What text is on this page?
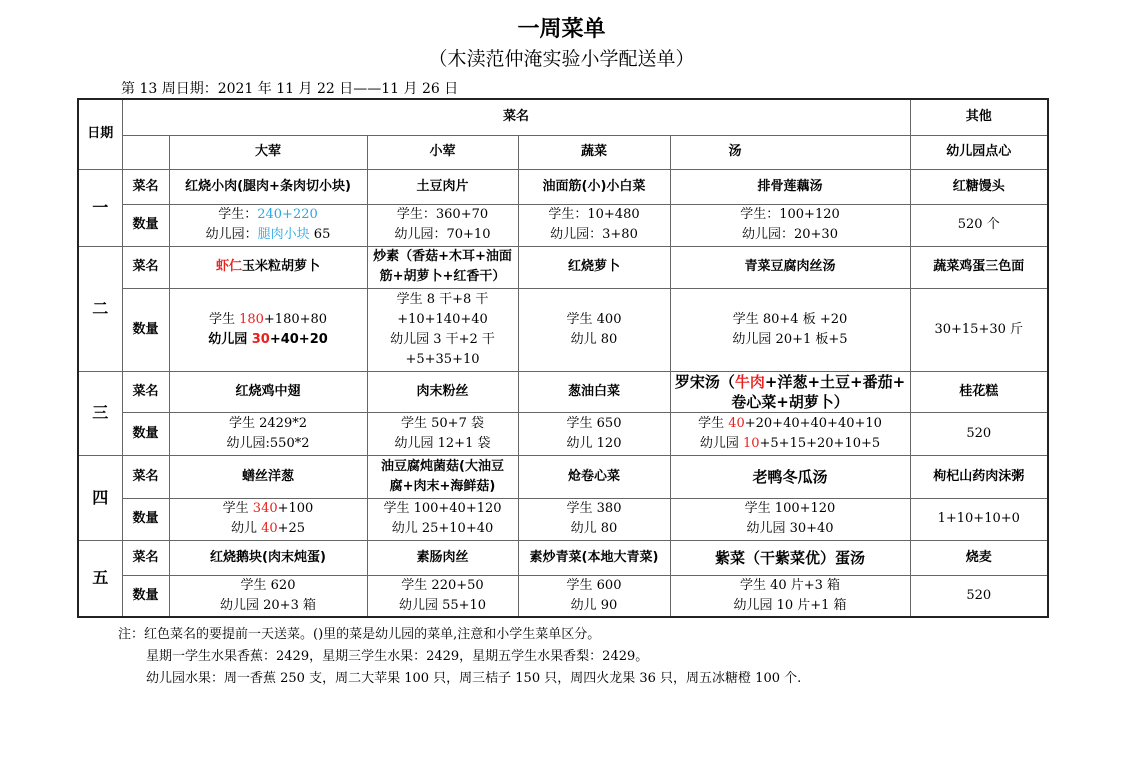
一周菜单
（木渎范仲淹实验小学配送单）
第 13 周日期：2021 年 11 月 22 日——11 月 26 日
日期	菜名					其他
		大荤	小荤	蔬菜	汤	幼儿园点心
一	菜名	红烧小肉(腿肉+条肉切小块)	土豆肉片	油面筋(小)小白菜	排骨莲藕汤	红糖馒头
	数量	学生：240+220
幼儿园：腿肉小块 65	学生：360+70
幼儿园：70+10	学生：10+480
幼儿园：3+80	学生：100+120
幼儿园：20+30	520 个
二	菜名	虾仁玉米粒胡萝卜	炒素（香菇+木耳+油面
筋+胡萝卜+红香干）	红烧萝卜	青菜豆腐肉丝汤	蔬菜鸡蛋三色面
	数量	学生 180+180+80
幼儿园 30+40+20	学生 8 干+8 干
+10+140+40
幼儿园 3 干+2 干
+5+35+10	学生 400
幼儿 80	学生 80+4 板 +20
幼儿园 20+1 板+5	30+15+30 斤
三	菜名	红烧鸡中翅	肉末粉丝	葱油白菜	罗宋汤（牛肉+洋葱+土豆+番茄+
卷心菜+胡萝卜）	桂花糕
	数量	学生 2429*2
幼儿园:550*2	学生 50+7 袋
幼儿园 12+1 袋	学生 650
幼儿 120	学生 40+20+40+40+40+10
幼儿园 10+5+15+20+10+5	520
四	菜名	蟮丝洋葱	油豆腐炖菌菇(大油豆
腐+肉末+海鲜菇)	炝卷心菜	老鸭冬瓜汤	枸杞山药肉沫粥
	数量	学生 340+100
幼儿 40+25	学生 100+40+120
幼儿 25+10+40	学生 380
幼儿 80	学生 100+120
幼儿园 30+40	1+10+10+0
五	菜名	红烧鹅块(肉末炖蛋)	素肠肉丝	素炒青菜(本地大青菜)	紫菜（干紫菜优）蛋汤	烧麦
	数量	学生 620
幼儿园 20+3 箱	学生 220+50
幼儿园 55+10	学生 600
幼儿 90	学生 40 片+3 箱
幼儿园 10 片+1 箱	520
注：红色菜名的要提前一天送菜。()里的菜是幼儿园的菜单,注意和小学生菜单区分。
星期一学生水果香蕉：2429，星期三学生水果：2429，星期五学生水果香梨：2429。
幼儿园水果：周一香蕉 250 支，周二大苹果 100 只，周三桔子 150 只，周四火龙果 36 只，周五冰糖橙 100 个.
